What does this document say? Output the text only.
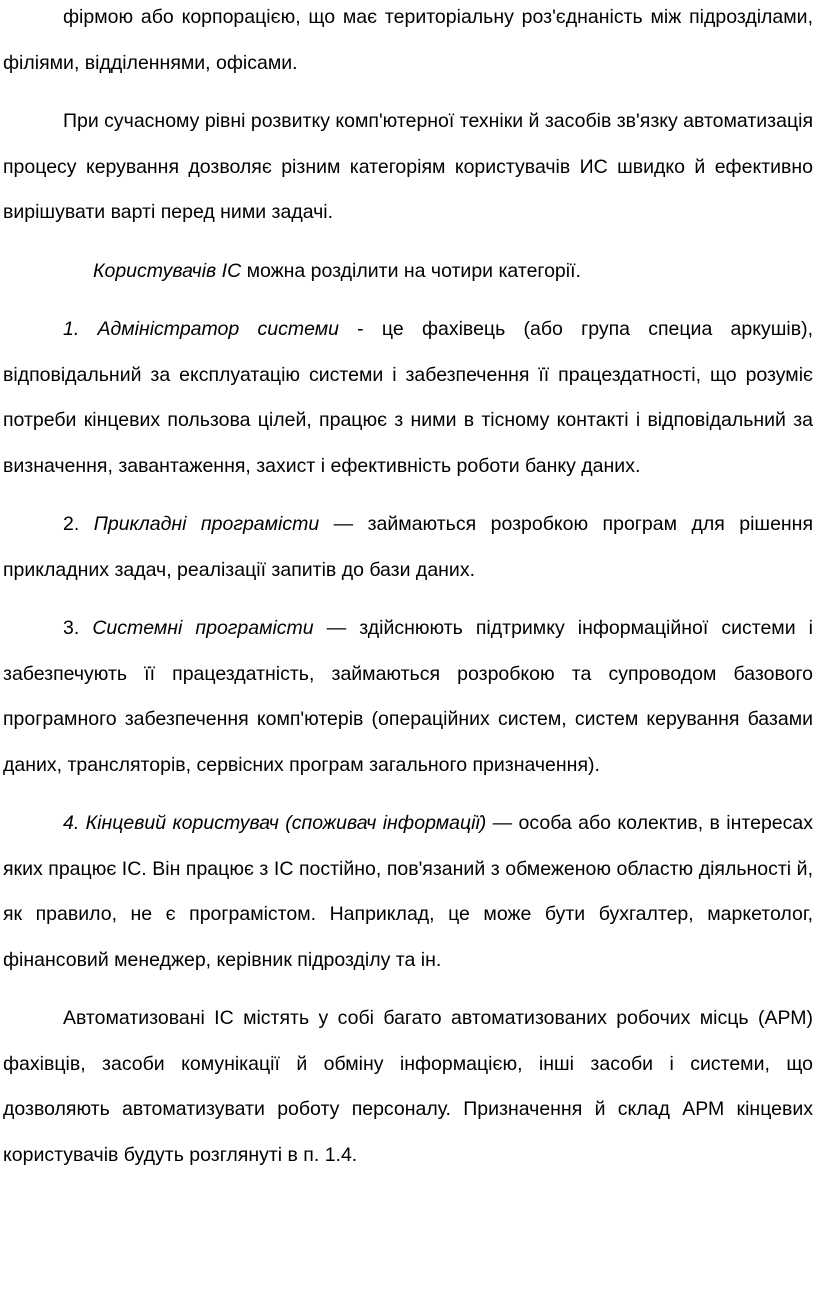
фірмою або корпорацією, що має територіальну роз'єднаність між підрозділами, філіями, відділеннями, офісами.

При сучасному рівні розвитку комп'ютерної техніки й засобів зв'язку автоматизація процесу керування дозволяє різним категоріям користувачів ИС швидко й ефективно вирішувати варті перед ними задачі.

Користувачів ІС можна розділити на чотири категорії.

1. Адміністратор системи - це фахівець (або група специа аркушів), відповідальний за експлуатацію системи і забезпечення її працездатності, що розуміє потреби кінцевих пользова цілей, працює з ними в тісному контакті і відповідальний за визначення, завантаження, захист і ефективність роботи банку даних.

2. Прикладні програмісти — займаються розробкою програм для рішення прикладних задач, реалізації запитів до бази даних.

3. Системні програмісти — здійснюють підтримку інформаційної системи і забезпечують її працездатність, займаються розробкою та супроводом базового програмного забезпечення комп'ютерів (операційних систем, систем керування базами даних, трансляторів, сервісних програм загального призначення).

4. Кінцевий користувач (споживач інформації) — особа або колектив, в інтересах яких працює ІС. Він працює з ІС постійно, пов'язаний з обмеженою областю діяльності й, як правило, не є програмістом. Наприклад, це може бути бухгалтер, маркетолог, фінансовий менеджер, керівник підрозділу та ін.

Автоматизовані ІС містять у собі багато автоматизованих робочих місць (АРМ) фахівців, засоби комунікації й обміну інформацією, інші засоби і системи, що дозволяють автоматизувати роботу персоналу. Призначення й склад АРМ кінцевих користувачів будуть розглянуті в п. 1.4.
